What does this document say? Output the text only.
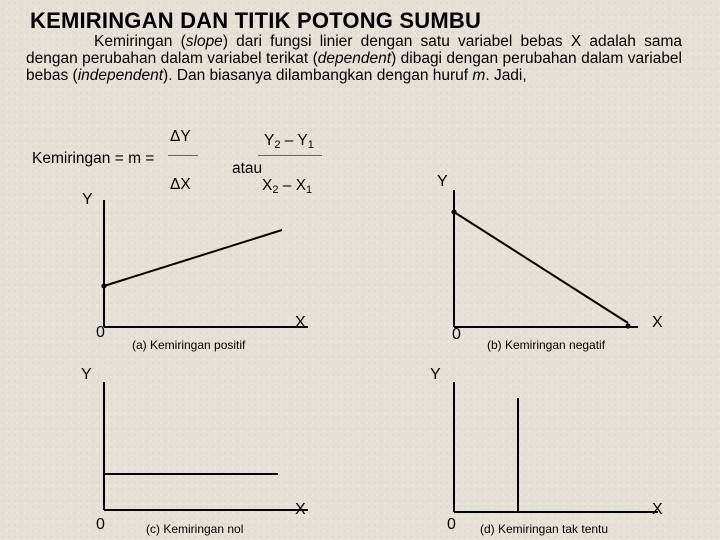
KEMIRINGAN DAN TITIK POTONG SUMBU
Kemiringan (slope) dari fungsi linier dengan satu variabel bebas X adalah sama dengan perubahan dalam variabel terikat (dependent) dibagi dengan perubahan dalam variabel bebas (independent). Dan biasanya dilambangkan dengan huruf m. Jadi,
Kemiringan = m =
ΔY
ΔX
atau
$Y_2 - Y_1$
$X_2 - X_1$
Y
0
X
(a) Kemiringan positif
Y
0
X
(b) Kemiringan negatif
Y
0
X
(c) Kemiringan nol
Y
0
X
(d) Kemiringan tak tentu
